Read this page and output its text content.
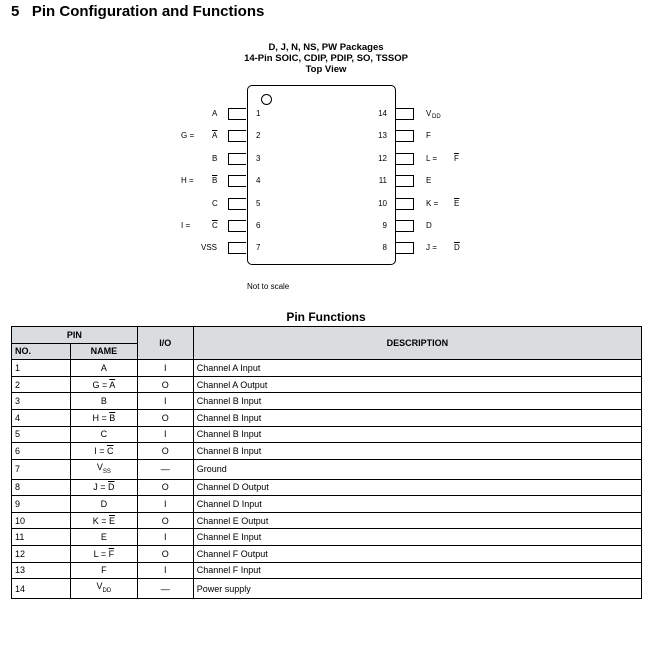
5 Pin Configuration and Functions
D, J, N, NS, PW Packages
14-Pin SOIC, CDIP, PDIP, SO, TSSOP
Top View
1
A
2
$G = \overline{A}$
3
B
4
$H = \overline{B}$
5
C
6
I =	$\overline{C}$
7
VSS
14	V DD
13	F
12	$L = \overline{F}$
11	E
10	$K = \overline{E}$
9	D
8	$J = \overline{D}$
Not to scale
Pin Functions
PIN		I/O	DESCRIPTION
NO.	NAME		
1	A	I	Channel A Input
2	$G = \overline{A}$	O	Channel A Output
3	B	I	Channel B Input
4	$H = \overline{B}$	O	Channel B Input
5	C	I	Channel B Input
6	$I = \overline{C}$	O	Channel B Input
7	$V_{SS}$	—	Ground
8	$J = \overline{D}$	O	Channel D Output
9	D	I	Channel D Input
10	$K = \overline{E}$	O	Channel E Output
11	E	I	Channel E Input
12	$L = \overline{F}$	O	Channel F Output
13	F	I	Channel F Input
14	$V_{DD}$	—	Power supply
